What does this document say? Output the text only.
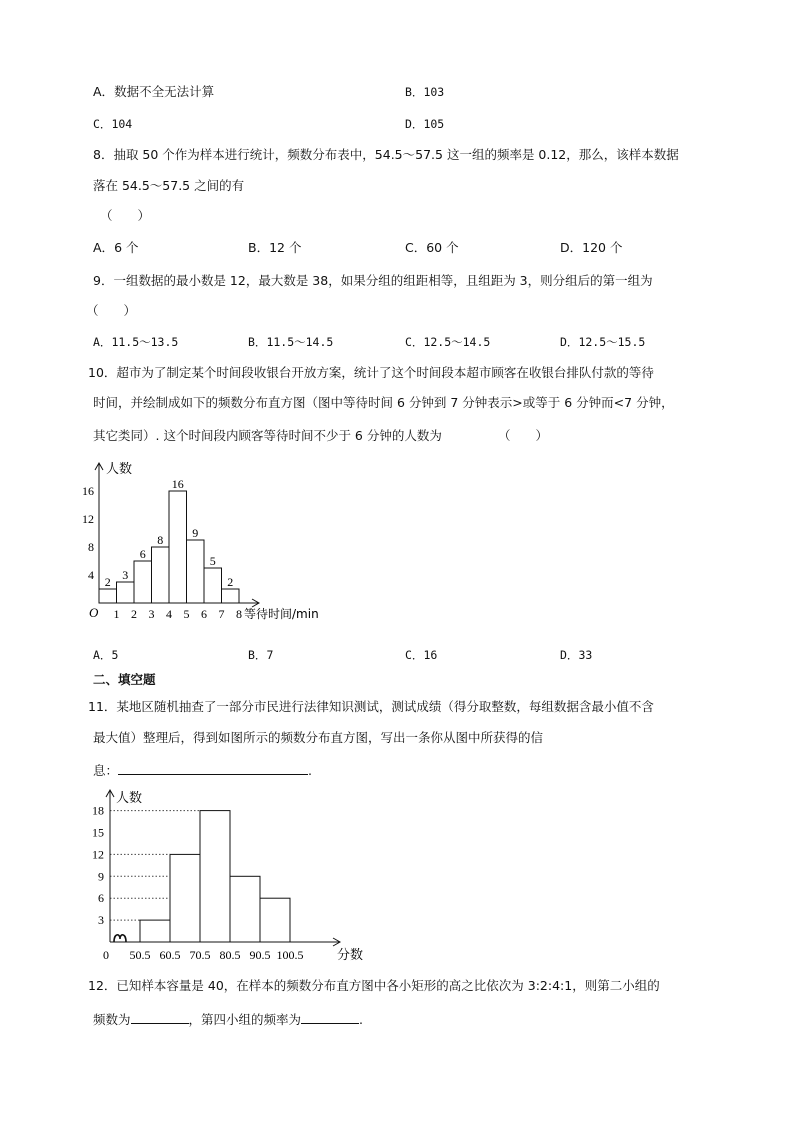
A．数据不全无法计算	B．103
C．104	D．105
8．抽取 50 个作为样本进行统计，频数分布表中，54.5～57.5 这一组的频率是 0.12，那么，该样本数据
落在 54.5～57.5 之间的有
（　　）
A．6 个	B．12 个	C．60 个	D．120 个
9．一组数据的最小数是 12，最大数是 38，如果分组的组距相等，且组距为 3，则分组后的第一组为
（　　）
A．11.5～13.5	B．11.5～14.5	C．12.5～14.5	D．12.5～15.5
10．超市为了制定某个时间段收银台开放方案，统计了这个时间段本超市顾客在收银台排队付款的等待
时间，并绘制成如下的频数分布直方图（图中等待时间 6 分钟到 7 分钟表示>或等于 6 分钟而<7 分钟，
其它类同）. 这个时间段内顾客等待时间不少于 6 分钟的人数为	（　　）
人数
O
2 3
6
8
16
9
5
2
1 2 3 4 5 6 7 8 等待时间/min
4
8
12
16
A．5	B．7	C．16	D．33
二、填空题
11．某地区随机抽查了一部分市民进行法律知识测试，测试成绩（得分取整数，每组数据含最小值不含
最大值）整理后，得到如图所示的频数分布直方图，写出一条你从图中所获得的信
息：	.
人数
0 50.5 60.5 70.5 80.5 90.5 100.5	分数
3
6
9
12
15
18
12．已知样本容量是 40，在样本的频数分布直方图中各小矩形的高之比依次为 3:2:4:1，则第二小组的
频数为	，第四小组的频率为	.
